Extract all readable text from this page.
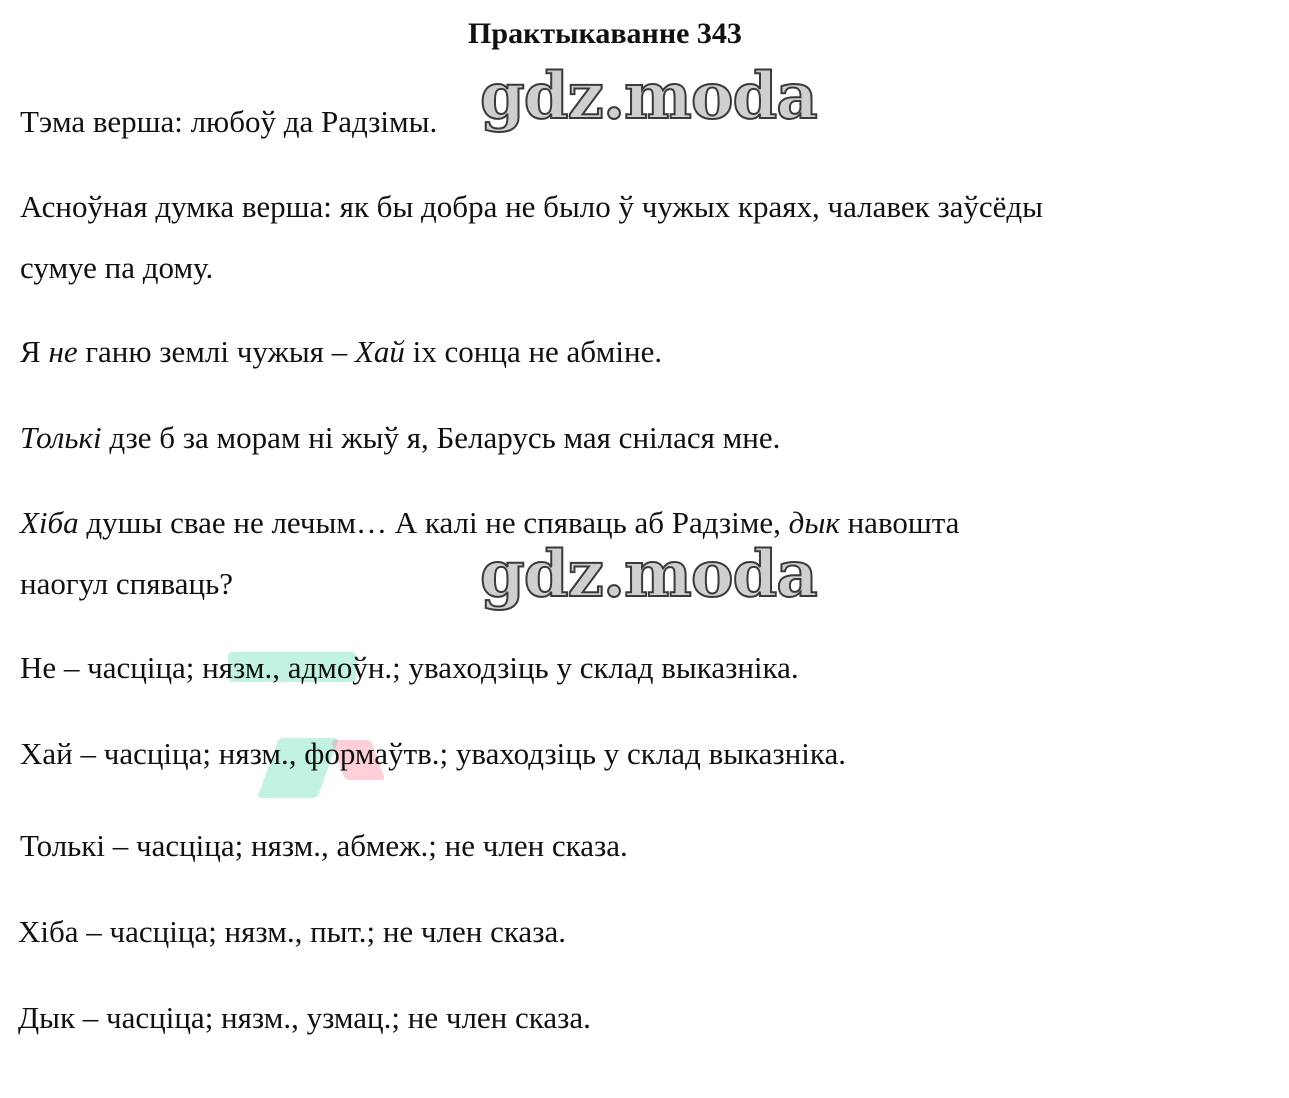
Практыкаванне 343
Тэма верша: любоў да Радзімы.
Асноўная думка верша: як бы добра не было ў чужых краях, чалавек заўсёды
сумуе па дому.
Я не ганю землі чужыя – Хай іх сонца не абміне.
Толькі дзе б за морам ні жыў я, Беларусь мая снілася мне.
Хіба душы свае не лечым… А калі не спяваць аб Радзіме, дык навошта
наогул спяваць?
Не – часціца; нязм., адмоўн.; уваходзіць у склад выказніка.
Хай – часціца; нязм., формаўтв.; уваходзіць у склад выказніка.
Толькі – часціца; нязм., абмеж.; не член сказа.
Хіба – часціца; нязм., пыт.; не член сказа.
Дык – часціца; нязм., узмац.; не член сказа.
gdz.moda
gdz.moda
